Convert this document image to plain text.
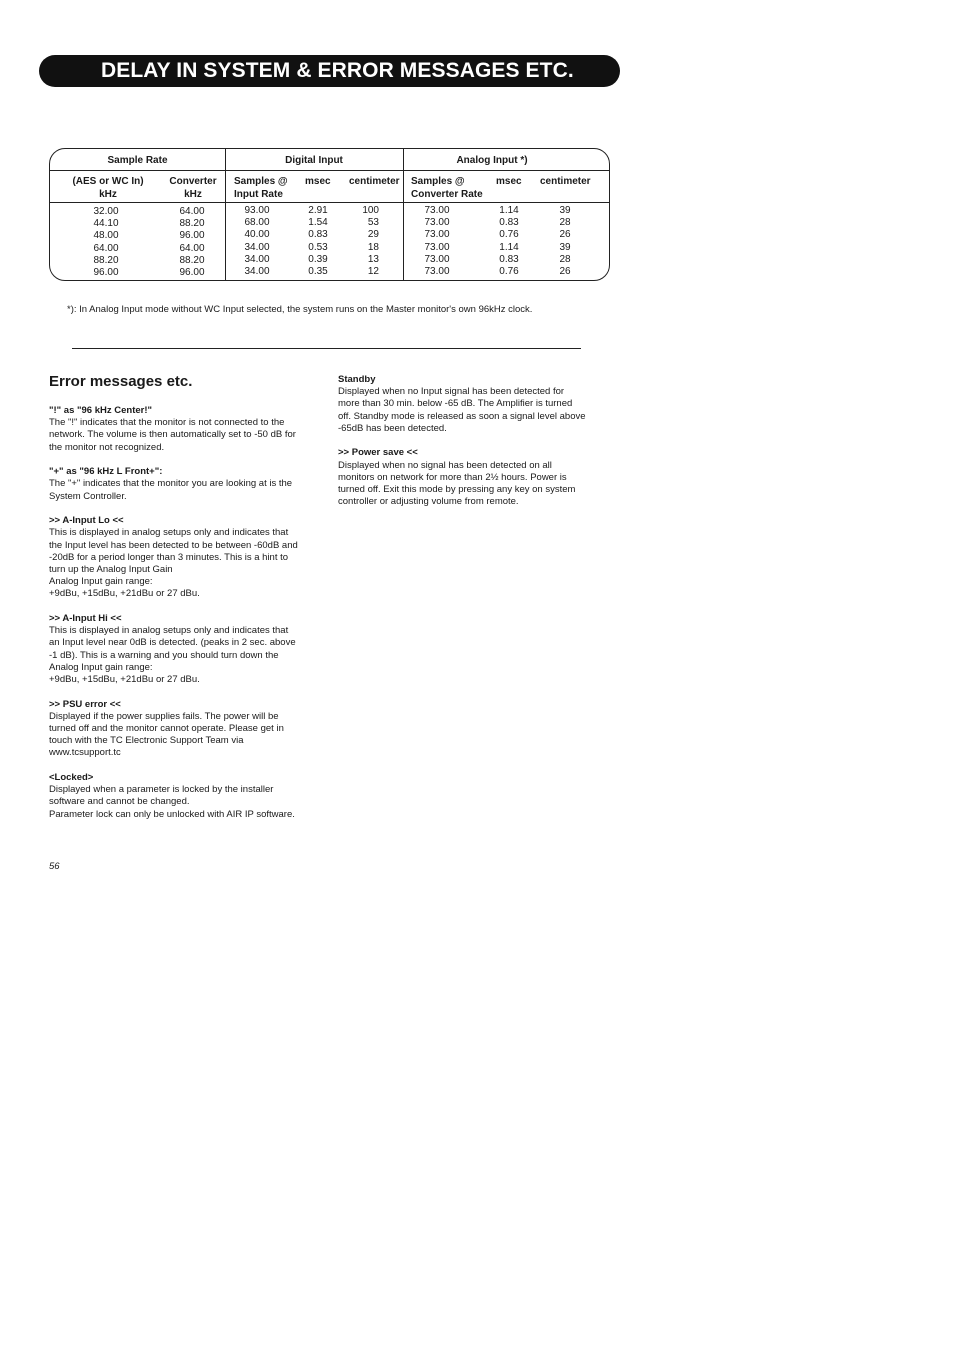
DELAY IN SYSTEM & ERROR MESSAGES ETC.
Sample Rate	Digital Input	Analog Input *)
(AES or WC In)
kHz
Converter
kHz
Samples @
Input Rate
msec centimeter Samples @
Converter Rate
msec centimeter
32.00
44.10
48.00
64.00
88.20
96.00
64.00
88.20
96.00
64.00
88.20
96.00
93.00
68.00
40.00
34.00
34.00
34.00
2.91
1.54
0.83
0.53
0.39
0.35
100
53
29
18
13
12
73.00
73.00
73.00
73.00
73.00
73.00
1.14
0.83
0.76
1.14
0.83
0.76
39
28
26
39
28
26
*): In Analog Input mode without WC Input selected, the system runs on the Master monitor's own 96kHz clock.
Error messages etc.
"!" as "96 kHz Center!"
The "!" indicates that the monitor is not connected to the
network. The volume is then automatically set to -50 dB for
the monitor not recognized.
"+" as "96 kHz L Front+":
The "+" indicates that the monitor you are looking at is the
System Controller.
>> A-Input Lo <<
This is displayed in analog setups only and indicates that
the Input level has been detected to be between -60dB and
-20dB for a period longer than 3 minutes. This is a hint to
turn up the Analog Input Gain
Analog Input gain range:
+9dBu, +15dBu, +21dBu or 27 dBu.
>> A-Input Hi <<
This is displayed in analog setups only and indicates that
an Input level near 0dB is detected. (peaks in 2 sec. above
-1 dB). This is a warning and you should turn down the
Analog Input gain range:
+9dBu, +15dBu, +21dBu or 27 dBu.
>> PSU error <<
Displayed if the power supplies fails. The power will be
turned off and the monitor cannot operate. Please get in
touch with the TC Electronic Support Team via
www.tcsupport.tc
<Locked>
Displayed when a parameter is locked by the installer
software and cannot be changed.
Parameter lock can only be unlocked with AIR IP software.
Standby
Displayed when no Input signal has been detected for
more than 30 min. below -65 dB. The Amplifier is turned
off. Standby mode is released as soon a signal level above
-65dB has been detected.
>> Power save <<
Displayed when no signal has been detected on all
monitors on network for more than 2½ hours. Power is
turned off. Exit this mode by pressing any key on system
controller or adjusting volume from remote.
56
